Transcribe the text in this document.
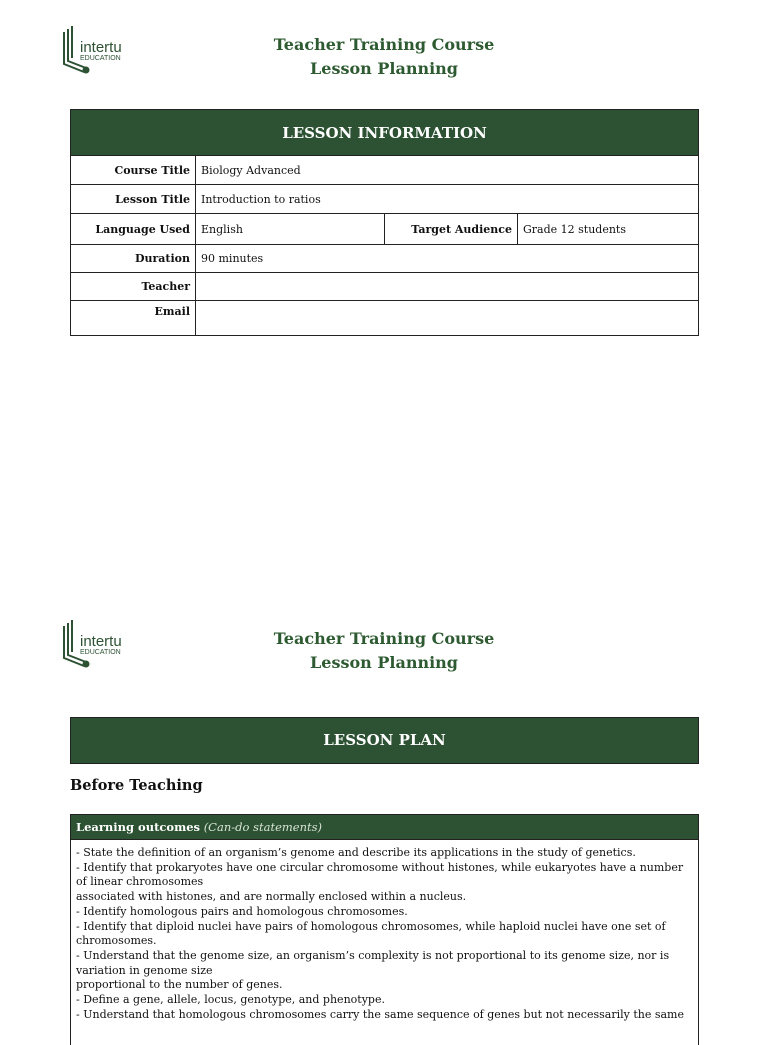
intertu
EDUCATION
Teacher Training Course
Lesson Planning
LESSON INFORMATION			
Course Title	Biology Advanced		
Lesson Title	Introduction to ratios		
Language Used	English	Target Audience	Grade 12 students
Duration	90 minutes		
Teacher			
Email			
intertu
EDUCATION
Teacher Training Course
Lesson Planning
LESSON PLAN
Before Teaching
Learning outcomes (Can-do statements)
- State the definition of an organism’s genome and describe its applications in the study of genetics.
- Identify that prokaryotes have one circular chromosome without histones, while eukaryotes have a number of linear chromosomes
associated with histones, and are normally enclosed within a nucleus.
- Identify homologous pairs and homologous chromosomes.
- Identify that diploid nuclei have pairs of homologous chromosomes, while haploid nuclei have one set of chromosomes.
- Understand that the genome size, an organism’s complexity is not proportional to its genome size, nor is variation in genome size
proportional to the number of genes.
- Define a gene, allele, locus, genotype, and phenotype.
- Understand that homologous chromosomes carry the same sequence of genes but not necessarily the same
